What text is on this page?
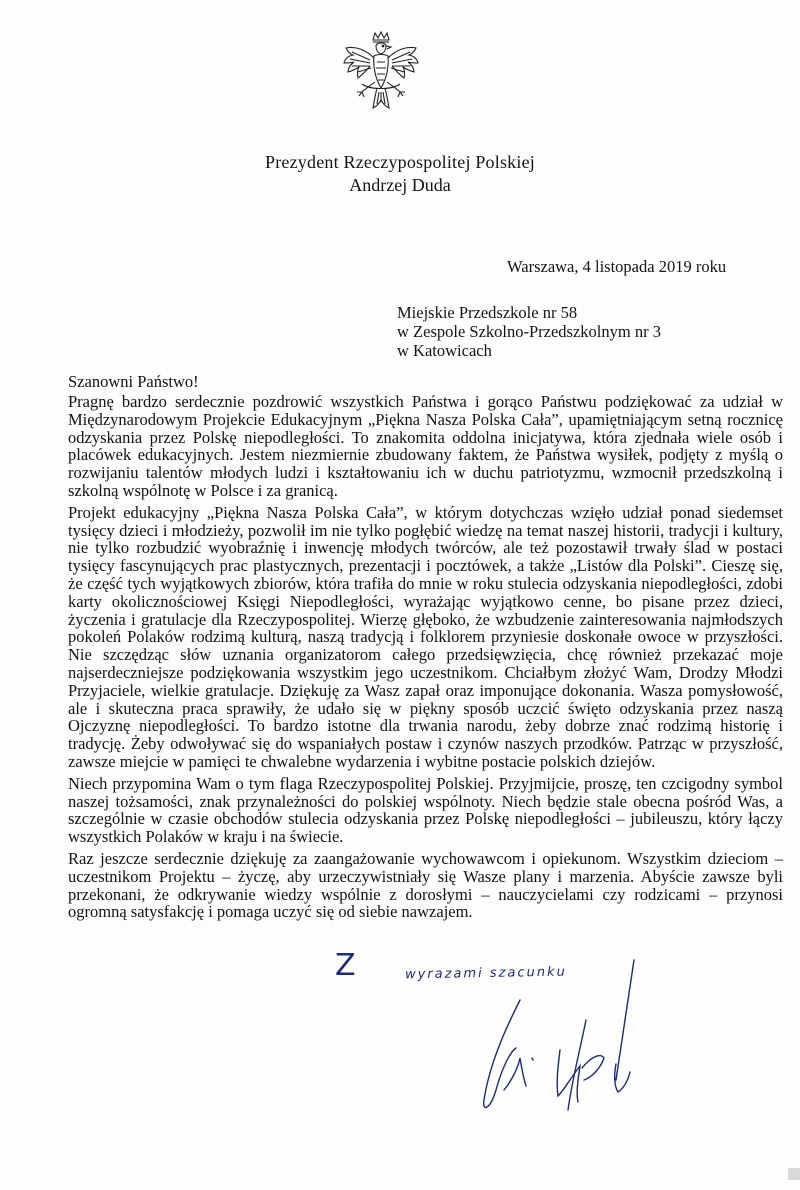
Prezydent Rzeczypospolitej Polskiej
Andrzej Duda
Warszawa, 4 listopada 2019 roku
Miejskie Przedszkole nr 58
w Zespole Szkolno-Przedszkolnym nr 3
w Katowicach
Szanowni Państwo!

Pragnę bardzo serdecznie pozdrowić wszystkich Państwa i gorąco Państwu podziękować za udział w Międzynarodowym Projekcie Edukacyjnym „Piękna Nasza Polska Cała”, upamiętniającym setną rocznicę odzyskania przez Polskę niepodległości. To znakomita oddolna inicjatywa, która zjednała wiele osób i placówek edukacyjnych. Jestem niezmiernie zbudowany faktem, że Państwa wysiłek, podjęty z myślą o rozwijaniu talentów młodych ludzi i kształtowaniu ich w duchu patriotyzmu, wzmocnił przedszkolną i szkolną wspólnotę w Polsce i za granicą.

Projekt edukacyjny „Piękna Nasza Polska Cała”, w którym dotychczas wzięło udział ponad siedemset tysięcy dzieci i młodzieży, pozwolił im nie tylko pogłębić wiedzę na temat naszej historii, tradycji i kultury, nie tylko rozbudzić wyobraźnię i inwencję młodych twórców, ale też pozostawił trwały ślad w postaci tysięcy fascynujących prac plastycznych, prezentacji i pocztówek, a także „Listów dla Polski”. Cieszę się, że część tych wyjątkowych zbiorów, która trafiła do mnie w roku stulecia odzyskania niepodległości, zdobi karty okolicznościowej Księgi Niepodległości, wyrażając wyjątkowo cenne, bo pisane przez dzieci, życzenia i gratulacje dla Rzeczypospolitej. Wierzę głęboko, że wzbudzenie zainteresowania najmłodszych pokoleń Polaków rodzimą kulturą, naszą tradycją i folklorem przyniesie doskonałe owoce w przyszłości. Nie szczędząc słów uznania organizatorom całego przedsięwzięcia, chcę również przekazać moje najserdeczniejsze podziękowania wszystkim jego uczestnikom. Chciałbym złożyć Wam, Drodzy Młodzi Przyjaciele, wielkie gratulacje. Dziękuję za Wasz zapał oraz imponujące dokonania. Wasza pomysłowość, ale i skuteczna praca sprawiły, że udało się w piękny sposób uczcić święto odzyskania przez naszą Ojczyznę niepodległości. To bardzo istotne dla trwania narodu, żeby dobrze znać rodzimą historię i tradycję. Żeby odwoływać się do wspaniałych postaw i czynów naszych przodków. Patrząc w przyszłość, zawsze miejcie w pamięci te chwalebne wydarzenia i wybitne postacie polskich dziejów.

Niech przypomina Wam o tym flaga Rzeczypospolitej Polskiej. Przyjmijcie, proszę, ten czcigodny symbol naszej tożsamości, znak przynależności do polskiej wspólnoty. Niech będzie stale obecna pośród Was, a szczególnie w czasie obchodów stulecia odzyskania przez Polskę niepodległości – jubileuszu, który łączy wszystkich Polaków w kraju i na świecie.

Raz jeszcze serdecznie dziękuję za zaangażowanie wychowawcom i opiekunom. Wszystkim dzieciom – uczestnikom Projektu – życzę, aby urzeczywistniały się Wasze plany i marzenia. Abyście zawsze byli przekonani, że odkrywanie wiedzy wspólnie z dorosłymi – nauczycielami czy rodzicami – przynosi ogromną satysfakcję i pomaga uczyć się od siebie nawzajem.

Z	wyrazami szacunku
